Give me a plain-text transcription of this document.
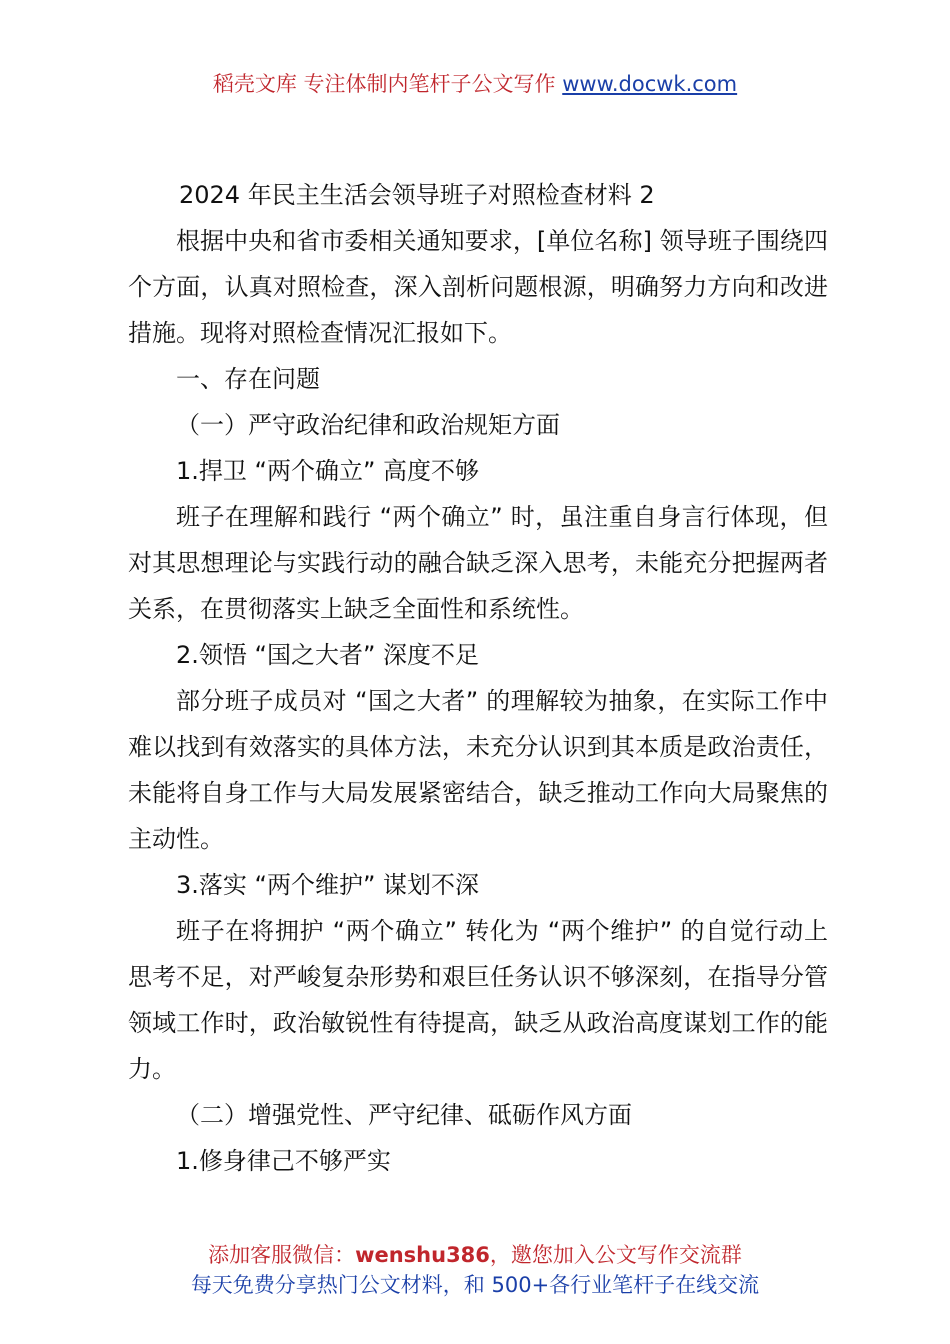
稻壳文库 专注体制内笔杆子公文写作 www.docwk.com

2024 年民主生活会领导班子对照检查材料 2

根据中央和省市委相关通知要求，[单位名称] 领导班子围绕四个方面，认真对照检查，深入剖析问题根源，明确努力方向和改进措施。现将对照检查情况汇报如下。

一、存在问题

（一）严守政治纪律和政治规矩方面

1.捍卫 “两个确立” 高度不够

班子在理解和践行 “两个确立” 时，虽注重自身言行体现，但对其思想理论与实践行动的融合缺乏深入思考，未能充分把握两者关系，在贯彻落实上缺乏全面性和系统性。

2.领悟 “国之大者” 深度不足

部分班子成员对 “国之大者” 的理解较为抽象，在实际工作中难以找到有效落实的具体方法，未充分认识到其本质是政治责任，未能将自身工作与大局发展紧密结合，缺乏推动工作向大局聚焦的主动性。

3.落实 “两个维护” 谋划不深

班子在将拥护 “两个确立” 转化为 “两个维护” 的自觉行动上思考不足，对严峻复杂形势和艰巨任务认识不够深刻，在指导分管领域工作时，政治敏锐性有待提高，缺乏从政治高度谋划工作的能力。

（二）增强党性、严守纪律、砥砺作风方面

1.修身律己不够严实

添加客服微信：wenshu386，邀您加入公文写作交流群
每天免费分享热门公文材料，和 500+各行业笔杆子在线交流
